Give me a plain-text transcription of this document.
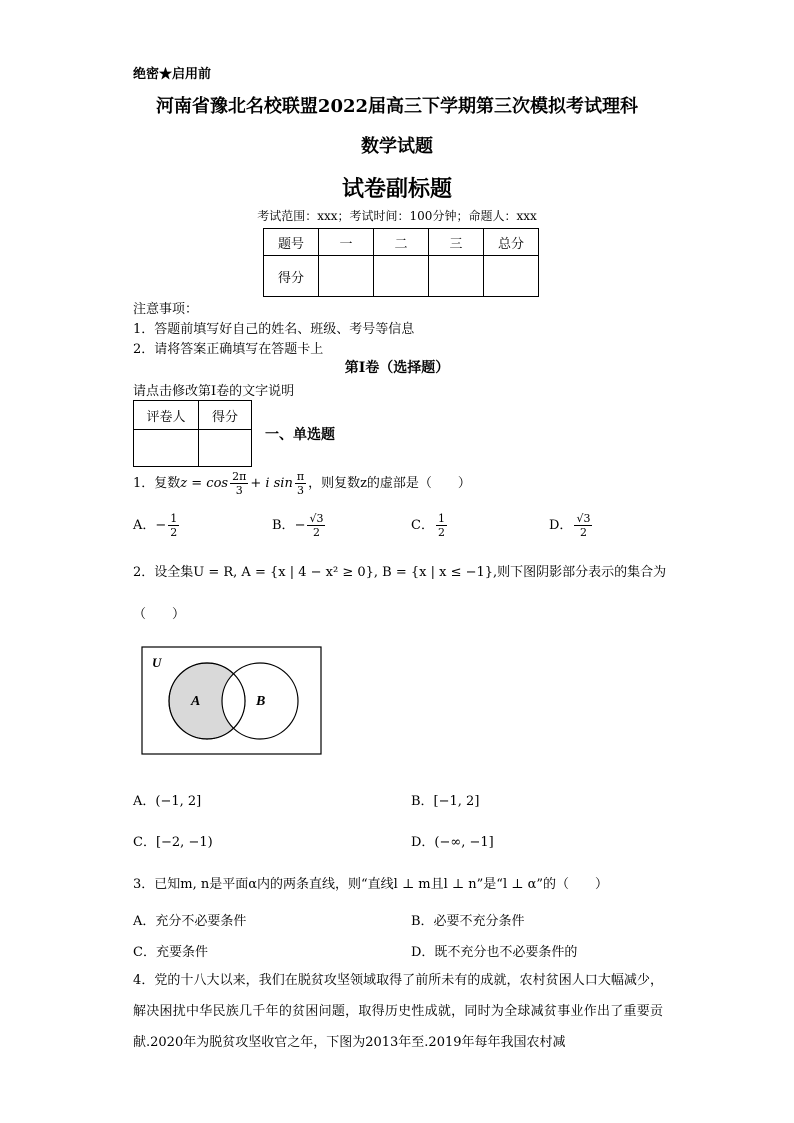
绝密★启用前
河南省豫北名校联盟2022届高三下学期第三次模拟考试理科
数学试题
试卷副标题
考试范围：xxx；考试时间：100分钟；命题人：xxx
题号	一	二	三	总分
得分				
注意事项：
1．答题前填写好自己的姓名、班级、考号等信息
2．请将答案正确填写在答题卡上
第I卷（选择题）
请点击修改第I卷的文字说明
评卷人	得分

一、单选题
1．复数$z = \cos \frac{2\pi}{3} + i$ $\sin \frac{\pi}{3}$ ，则复数z的虚部是（　　）
A．− $\frac{1}{2}$	B．− $\frac{√3}{2}$	C． $\frac{1}{2}$	D． $\frac{√3}{2}$
2．设全集U = R, A = {x | 4 − x² ≥ 0}, B = {x | x ≤ −1},则下图阴影部分表示的集合为
（　　）
U
A	B
A．(−1, 2]	B．[−1, 2]
C．[−2, −1)	D．(−∞, −1]
3．已知m, n是平面α内的两条直线，则“直线l ⊥ m且l ⊥ n”是“l ⊥ α”的（　　）
A．充分不必要条件	B．必要不充分条件
C．充要条件	D．既不充分也不必要条件的
4．党的十八大以来，我们在脱贫攻坚领域取得了前所未有的成就，农村贫困人口大幅减少，解决困扰中华民族几千年的贫困问题，取得历史性成就，同时为全球减贫事业作出了重要贡献.2020年为脱贫攻坚收官之年，下图为2013年至.2019年每年我国农村减
